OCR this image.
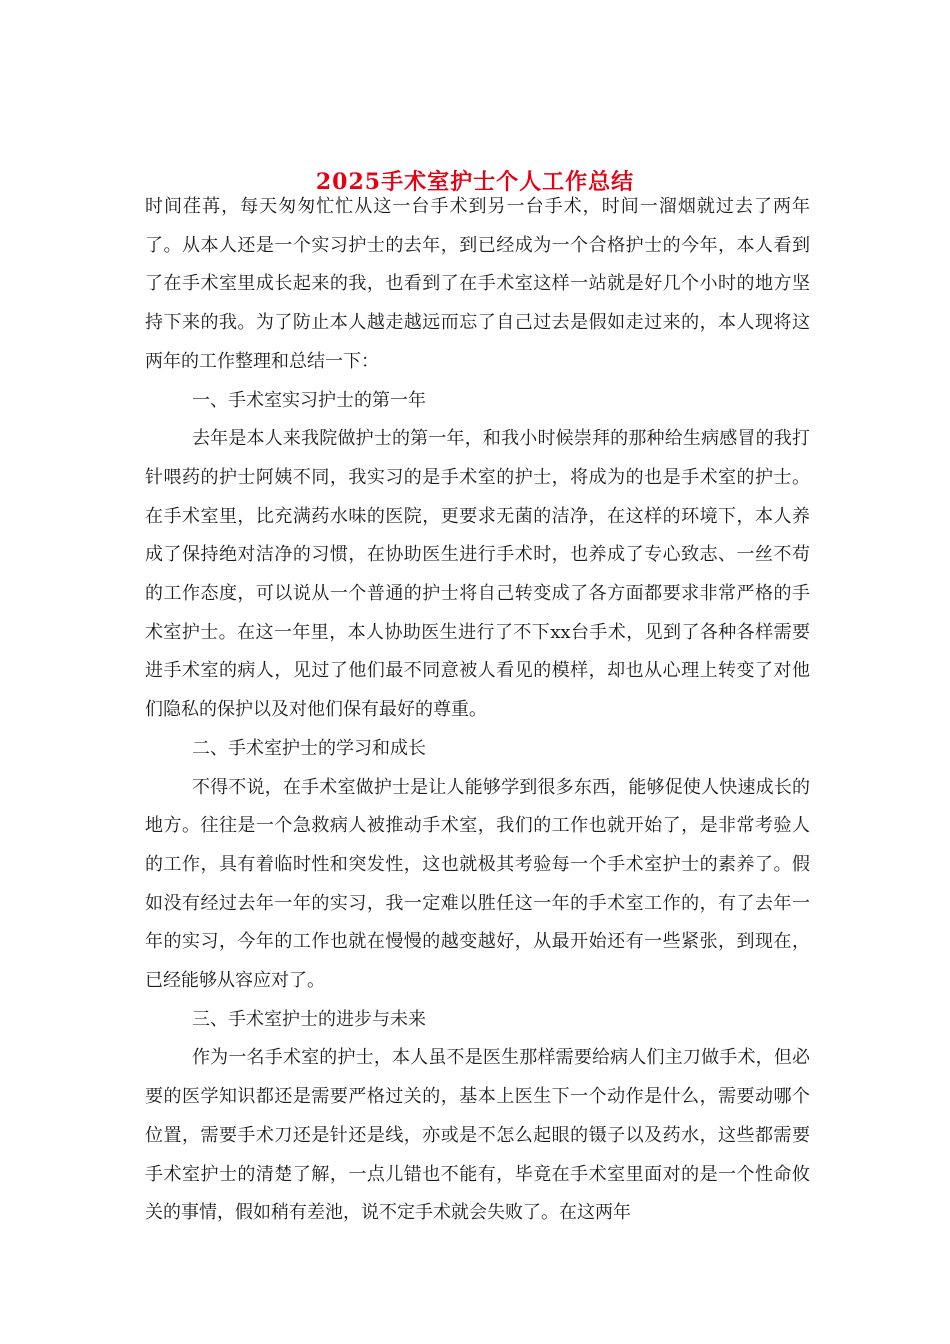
2025手术室护士个人工作总结

时间荏苒，每天匆匆忙忙从这一台手术到另一台手术，时间一溜烟就过去了两年了。从本人还是一个实习护士的去年，到已经成为一个合格护士的今年，本人看到了在手术室里成长起来的我，也看到了在手术室这样一站就是好几个小时的地方坚持下来的我。为了防止本人越走越远而忘了自己过去是假如走过来的，本人现将这两年的工作整理和总结一下：

一、手术室实习护士的第一年

去年是本人来我院做护士的第一年，和我小时候崇拜的那种给生病感冒的我打针喂药的护士阿姨不同，我实习的是手术室的护士，将成为的也是手术室的护士。在手术室里，比充满药水味的医院，更要求无菌的洁净，在这样的环境下，本人养成了保持绝对洁净的习惯，在协助医生进行手术时，也养成了专心致志、一丝不苟的工作态度，可以说从一个普通的护士将自己转变成了各方面都要求非常严格的手术室护士。在这一年里，本人协助医生进行了不下xx台手术，见到了各种各样需要进手术室的病人，见过了他们最不同意被人看见的模样，却也从心理上转变了对他们隐私的保护以及对他们保有最好的尊重。

二、手术室护士的学习和成长

不得不说，在手术室做护士是让人能够学到很多东西，能够促使人快速成长的地方。往往是一个急救病人被推动手术室，我们的工作也就开始了，是非常考验人的工作，具有着临时性和突发性，这也就极其考验每一个手术室护士的素养了。假如没有经过去年一年的实习，我一定难以胜任这一年的手术室工作的，有了去年一年的实习，今年的工作也就在慢慢的越变越好，从最开始还有一些紧张，到现在，已经能够从容应对了。

三、手术室护士的进步与未来

作为一名手术室的护士，本人虽不是医生那样需要给病人们主刀做手术，但必要的医学知识都还是需要严格过关的，基本上医生下一个动作是什么，需要动哪个位置，需要手术刀还是针还是线，亦或是不怎么起眼的镊子以及药水，这些都需要手术室护士的清楚了解，一点儿错也不能有，毕竟在手术室里面对的是一个性命攸关的事情，假如稍有差池，说不定手术就会失败了。在这两年
